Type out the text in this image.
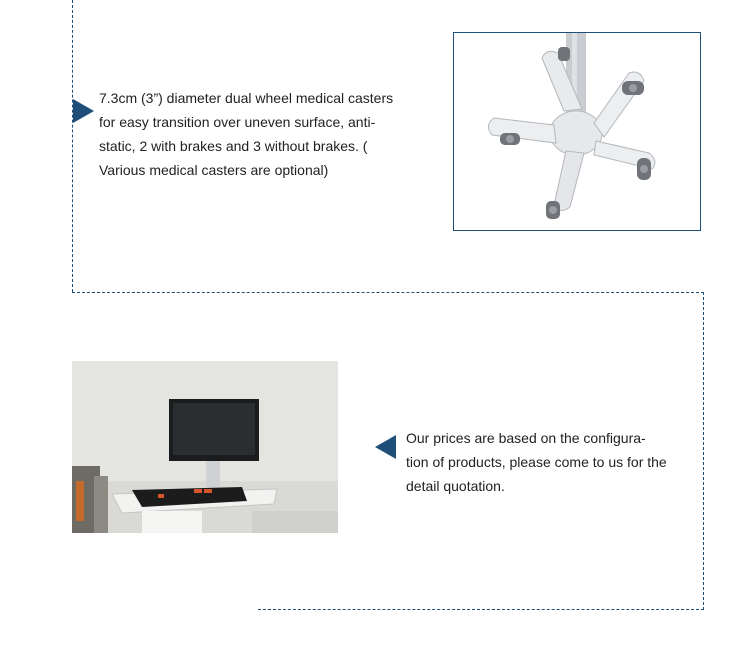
7.3cm (3”) diameter dual wheel medical casters for easy transition over uneven surface, anti-static, 2 with brakes and 3 without brakes. ( Various medical casters are optional)

Our prices are based on the configura-tion of products, please come to us for the detail quotation.
